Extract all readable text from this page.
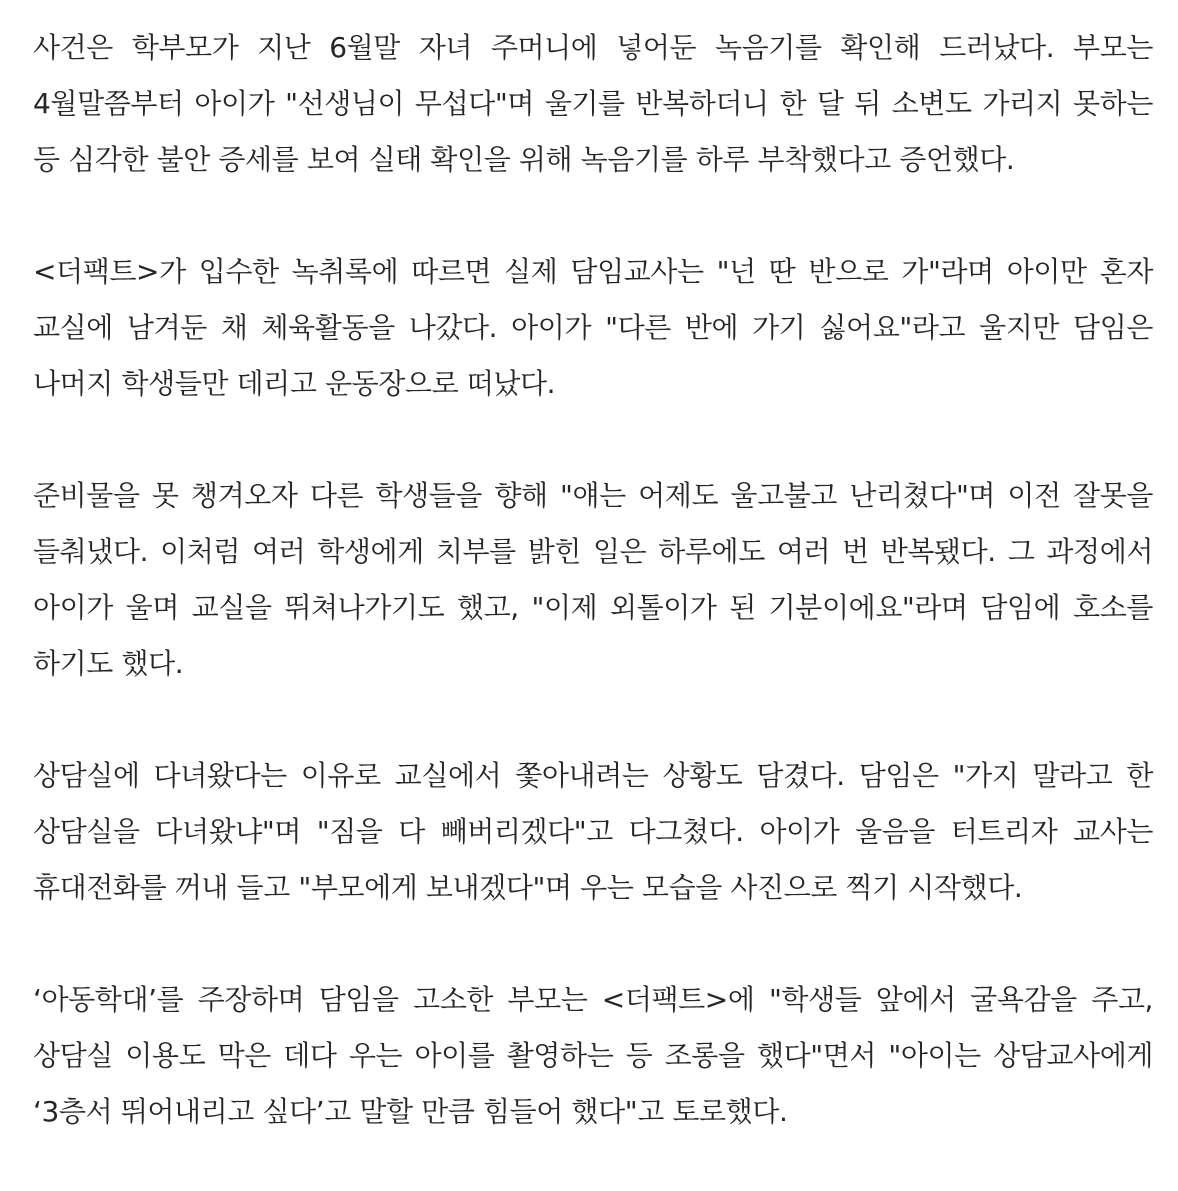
사건은 학부모가 지난 6월말 자녀 주머니에 넣어둔 녹음기를 확인해 드러났다. 부모는 4월말쯤부터 아이가 "선생님이 무섭다"며 울기를 반복하더니 한 달 뒤 소변도 가리지 못하는 등 심각한 불안 증세를 보여 실태 확인을 위해 녹음기를 하루 부착했다고 증언했다.

<더팩트>가 입수한 녹취록에 따르면 실제 담임교사는 "넌 딴 반으로 가"라며 아이만 혼자 교실에 남겨둔 채 체육활동을 나갔다. 아이가 "다른 반에 가기 싫어요"라고 울지만 담임은 나머지 학생들만 데리고 운동장으로 떠났다.

준비물을 못 챙겨오자 다른 학생들을 향해 "얘는 어제도 울고불고 난리쳤다"며 이전 잘못을 들춰냈다. 이처럼 여러 학생에게 치부를 밝힌 일은 하루에도 여러 번 반복됐다. 그 과정에서 아이가 울며 교실을 뛰쳐나가기도 했고, "이제 외톨이가 된 기분이에요"라며 담임에 호소를 하기도 했다.

상담실에 다녀왔다는 이유로 교실에서 쫓아내려는 상황도 담겼다. 담임은 "가지 말라고 한 상담실을 다녀왔냐"며 "짐을 다 빼버리겠다"고 다그쳤다. 아이가 울음을 터트리자 교사는 휴대전화를 꺼내 들고 "부모에게 보내겠다"며 우는 모습을 사진으로 찍기 시작했다.

‘아동학대’를 주장하며 담임을 고소한 부모는 <더팩트>에 "학생들 앞에서 굴욕감을 주고, 상담실 이용도 막은 데다 우는 아이를 촬영하는 등 조롱을 했다"면서 "아이는 상담교사에게 ‘3층서 뛰어내리고 싶다’고 말할 만큼 힘들어 했다"고 토로했다.
